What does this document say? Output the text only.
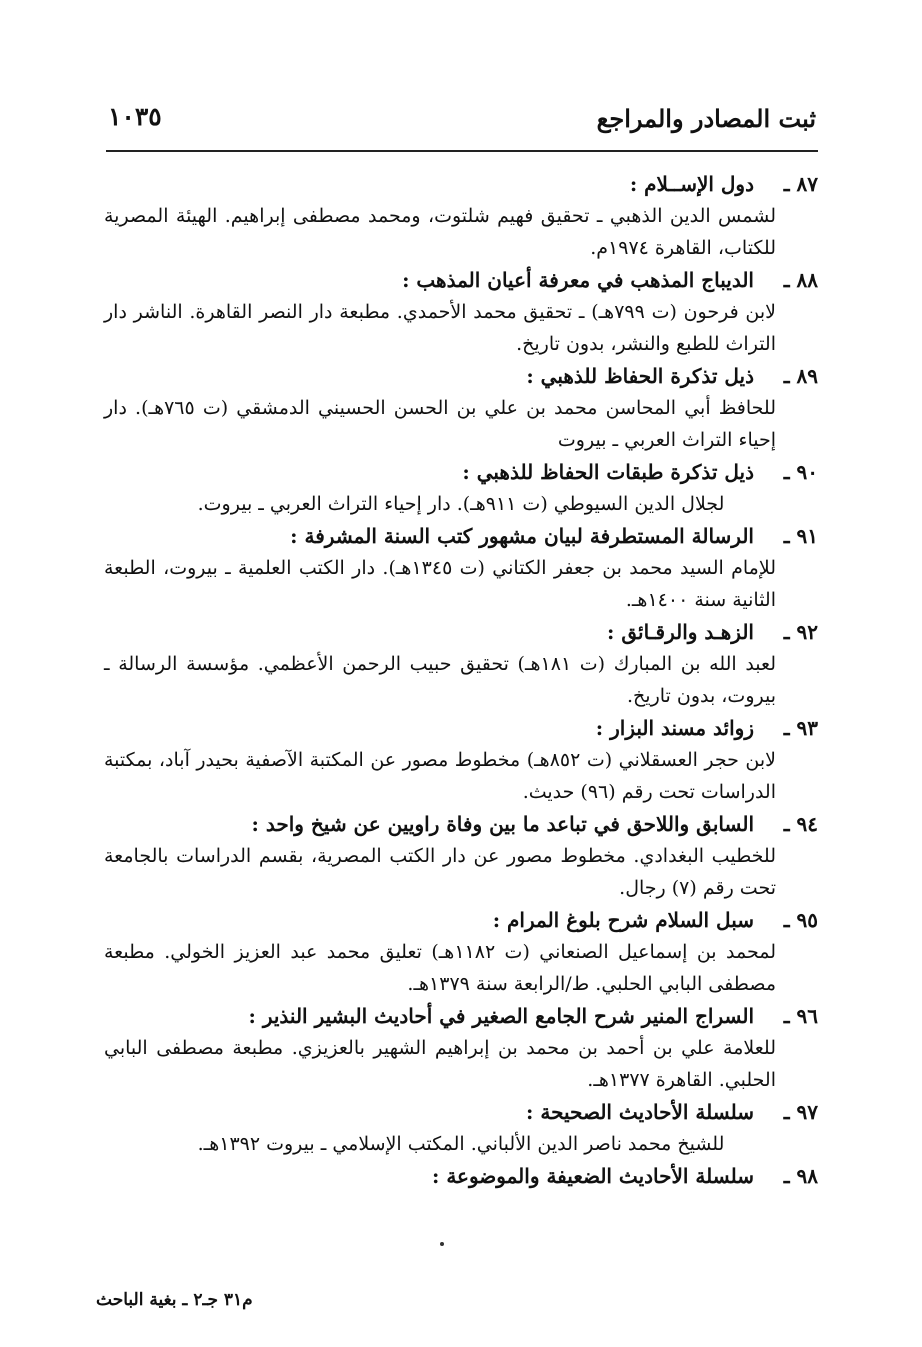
ثبت المصادر والمراجع
١٠٣٥
٨٧ ـدول الإســلام :
لشمس الدين الذهبي ـ تحقيق فهيم شلتوت، ومحمد مصطفى إبراهيم. الهيئة المصرية للكتاب، القاهرة ١٩٧٤م.
٨٨ ـالديباج المذهب في معرفة أعيان المذهب :
لابن فرحون (ت ٧٩٩هـ) ـ تحقيق محمد الأحمدي. مطبعة دار النصر القاهرة. الناشر دار التراث للطبع والنشر، بدون تاريخ.
٨٩ ـذيل تذكرة الحفاظ للذهبي :
للحافظ أبي المحاسن محمد بن علي بن الحسن الحسيني الدمشقي (ت ٧٦٥هـ). دار إحياء التراث العربي ـ بيروت
٩٠ ـذيل تذكرة طبقات الحفاظ للذهبي :
لجلال الدين السيوطي (ت ٩١١هـ). دار إحياء التراث العربي ـ بيروت.
٩١ ـالرسالة المستطرفة لبيان مشهور كتب السنة المشرفة :
للإمام السيد محمد بن جعفر الكتاني (ت ١٣٤٥هـ). دار الكتب العلمية ـ بيروت، الطبعة الثانية سنة ١٤٠٠هـ.
٩٢ ـالزهـد والرقـائق :
لعبد الله بن المبارك (ت ١٨١هـ) تحقيق حبيب الرحمن الأعظمي. مؤسسة الرسالة ـ بيروت، بدون تاريخ.
٩٣ ـزوائد مسند البزار :
لابن حجر العسقلاني (ت ٨٥٢هـ) مخطوط مصور عن المكتبة الآصفية بحيدر آباد، بمكتبة الدراسات تحت رقم (٩٦) حديث.
٩٤ ـالسابق واللاحق في تباعد ما بين وفاة راويين عن شيخ واحد :
للخطيب البغدادي. مخطوط مصور عن دار الكتب المصرية، بقسم الدراسات بالجامعة تحت رقم (٧) رجال.
٩٥ ـسبل السلام شرح بلوغ المرام :
لمحمد بن إسماعيل الصنعاني (ت ١١٨٢هـ) تعليق محمد عبد العزيز الخولي. مطبعة مصطفى البابي الحلبي. ط/الرابعة سنة ١٣٧٩هـ.
٩٦ ـالسراج المنير شرح الجامع الصغير في أحاديث البشير النذير :
للعلامة علي بن أحمد بن محمد بن إبراهيم الشهير بالعزيزي. مطبعة مصطفى البابي الحلبي. القاهرة ١٣٧٧هـ.
٩٧ ـسلسلة الأحاديث الصحيحة :
للشيخ محمد ناصر الدين الألباني. المكتب الإسلامي ـ بيروت ١٣٩٢هـ.
٩٨ ـسلسلة الأحاديث الضعيفة والموضوعة :
م٣١ جـ٢ ـ بغية الباحث
